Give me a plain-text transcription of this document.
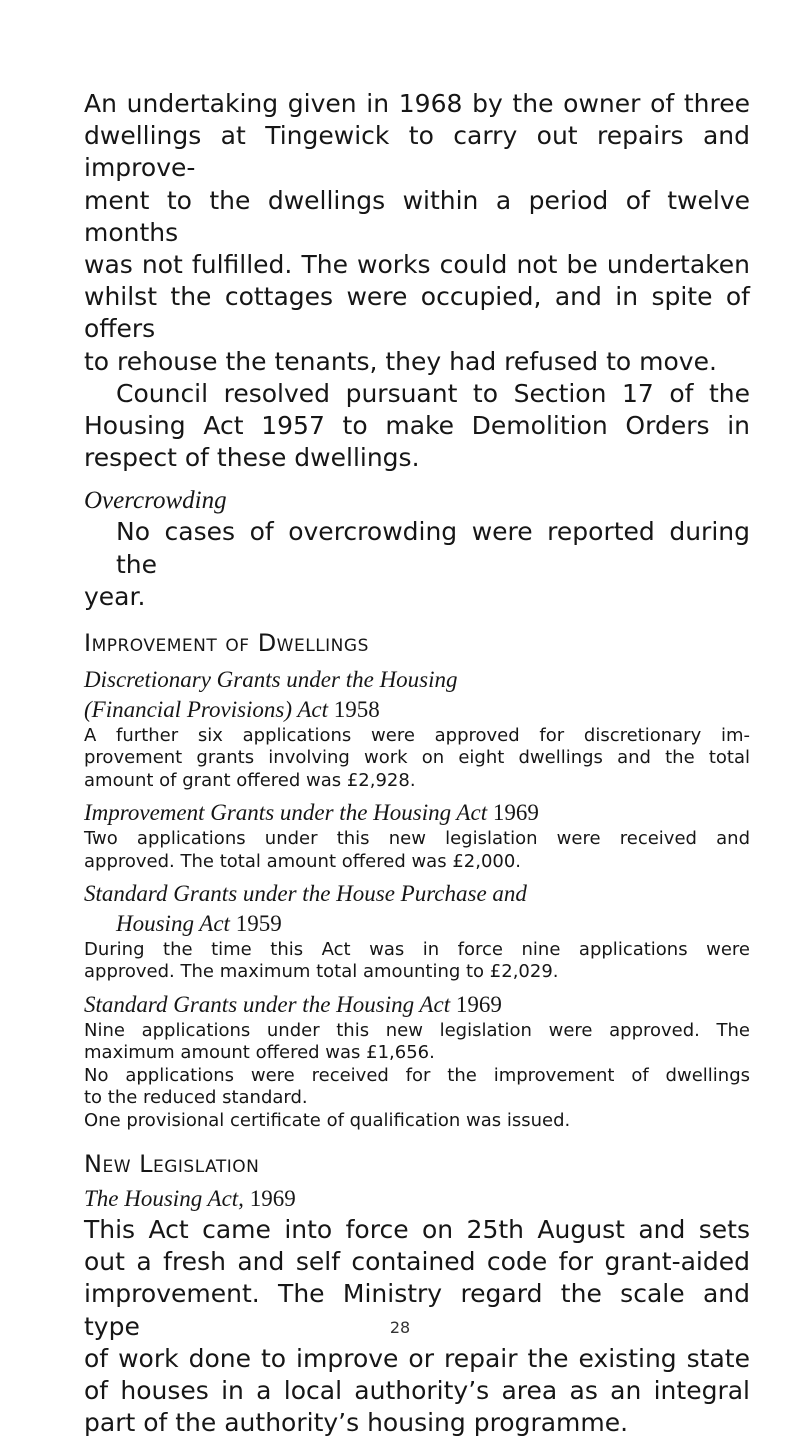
An undertaking given in 1968 by the owner of three
dwellings at Tingewick to carry out repairs and improve-
ment to the dwellings within a period of twelve months
was not fulfilled. The works could not be undertaken
whilst the cottages were occupied, and in spite of offers
to rehouse the tenants, they had refused to move.

Council resolved pursuant to Section 17 of the
Housing Act 1957 to make Demolition Orders in
respect of these dwellings.

Overcrowding

No cases of overcrowding were reported during the
year.

Improvement of Dwellings

Discretionary Grants under the Housing

(Financial Provisions) Act 1958

A further six applications were approved for discretionary im-
provement grants involving work on eight dwellings and the total
amount of grant offered was £2,928.

Improvement Grants under the Housing Act 1969

Two applications under this new legislation were received and
approved. The total amount offered was £2,000.

Standard Grants under the House Purchase and

Housing Act 1959

During the time this Act was in force nine applications were
approved. The maximum total amounting to £2,029.

Standard Grants under the Housing Act 1969

Nine applications under this new legislation were approved. The
maximum amount offered was £1,656.
No applications were received for the improvement of dwellings
to the reduced standard.
One provisional certificate of qualification was issued.

New Legislation

The Housing Act, 1969

This Act came into force on 25th August and sets
out a fresh and self contained code for grant-aided
improvement. The Ministry regard the scale and type
of work done to improve or repair the existing state
of houses in a local authority’s area as an integral
part of the authority’s housing programme.

28
